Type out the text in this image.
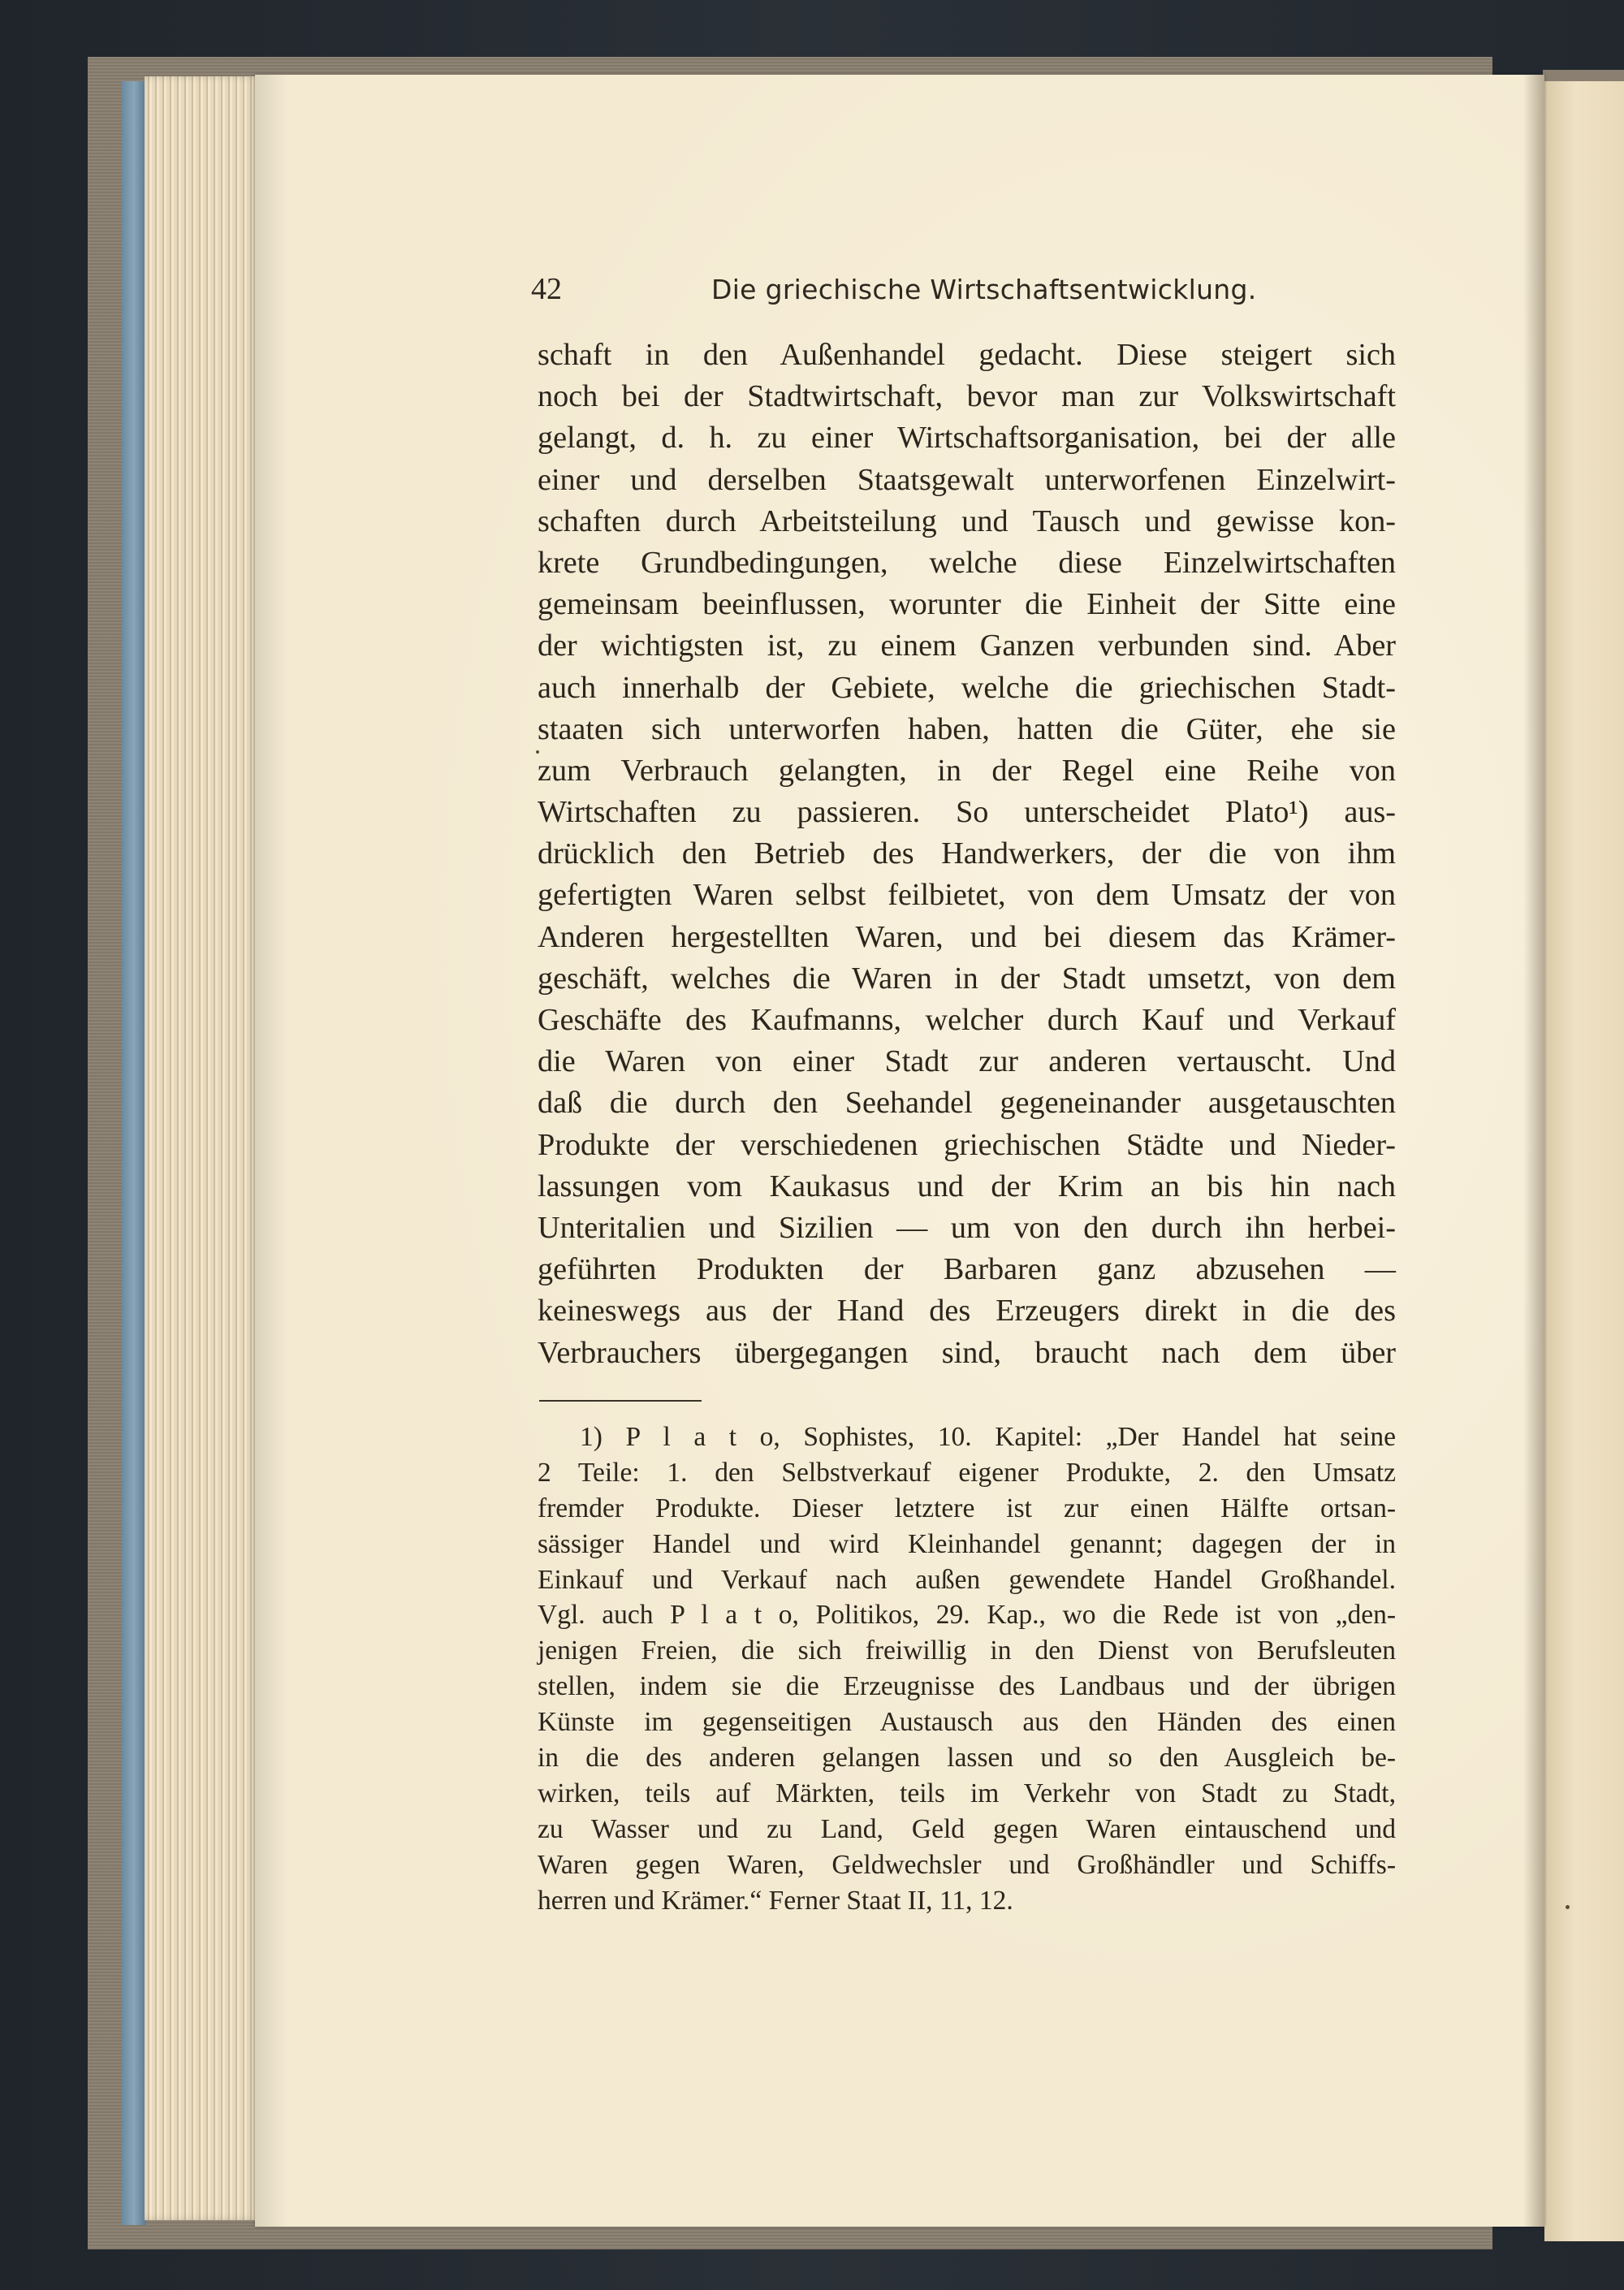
42	Die griechische Wirtschaftsentwicklung.
schaft in den Außenhandel gedacht. Diese steigert sich
noch bei der Stadtwirtschaft, bevor man zur Volkswirtschaft
gelangt, d. h. zu einer Wirtschaftsorganisation, bei der alle
einer und derselben Staatsgewalt unterworfenen Einzelwirt-
schaften durch Arbeitsteilung und Tausch und gewisse kon-
krete Grundbedingungen, welche diese Einzelwirtschaften
gemeinsam beeinflussen, worunter die Einheit der Sitte eine
der wichtigsten ist, zu einem Ganzen verbunden sind. Aber
auch innerhalb der Gebiete, welche die griechischen Stadt-
staaten sich unterworfen haben, hatten die Güter, ehe sie
zum Verbrauch gelangten, in der Regel eine Reihe von
Wirtschaften zu passieren. So unterscheidet Plato¹) aus-
drücklich den Betrieb des Handwerkers, der die von ihm
gefertigten Waren selbst feilbietet, von dem Umsatz der von
Anderen hergestellten Waren, und bei diesem das Krämer-
geschäft, welches die Waren in der Stadt umsetzt, von dem
Geschäfte des Kaufmanns, welcher durch Kauf und Verkauf
die Waren von einer Stadt zur anderen vertauscht. Und
daß die durch den Seehandel gegeneinander ausgetauschten
Produkte der verschiedenen griechischen Städte und Nieder-
lassungen vom Kaukasus und der Krim an bis hin nach
Unteritalien und Sizilien — um von den durch ihn herbei-
geführten Produkten der Barbaren ganz abzusehen —
keineswegs aus der Hand des Erzeugers direkt in die des
Verbrauchers übergegangen sind, braucht nach dem über
1) P l a t o, Sophistes, 10. Kapitel: „Der Handel hat seine
2 Teile: 1. den Selbstverkauf eigener Produkte, 2. den Umsatz
fremder Produkte. Dieser letztere ist zur einen Hälfte ortsan-
sässiger Handel und wird Kleinhandel genannt; dagegen der in
Einkauf und Verkauf nach außen gewendete Handel Großhandel.
Vgl. auch P l a t o, Politikos, 29. Kap., wo die Rede ist von „den-
jenigen Freien, die sich freiwillig in den Dienst von Berufsleuten
stellen, indem sie die Erzeugnisse des Landbaus und der übrigen
Künste im gegenseitigen Austausch aus den Händen des einen
in die des anderen gelangen lassen und so den Ausgleich be-
wirken, teils auf Märkten, teils im Verkehr von Stadt zu Stadt,
zu Wasser und zu Land, Geld gegen Waren eintauschend und
Waren gegen Waren, Geldwechsler und Großhändler und Schiffs-
herren und Krämer.“ Ferner Staat II, 11, 12.
